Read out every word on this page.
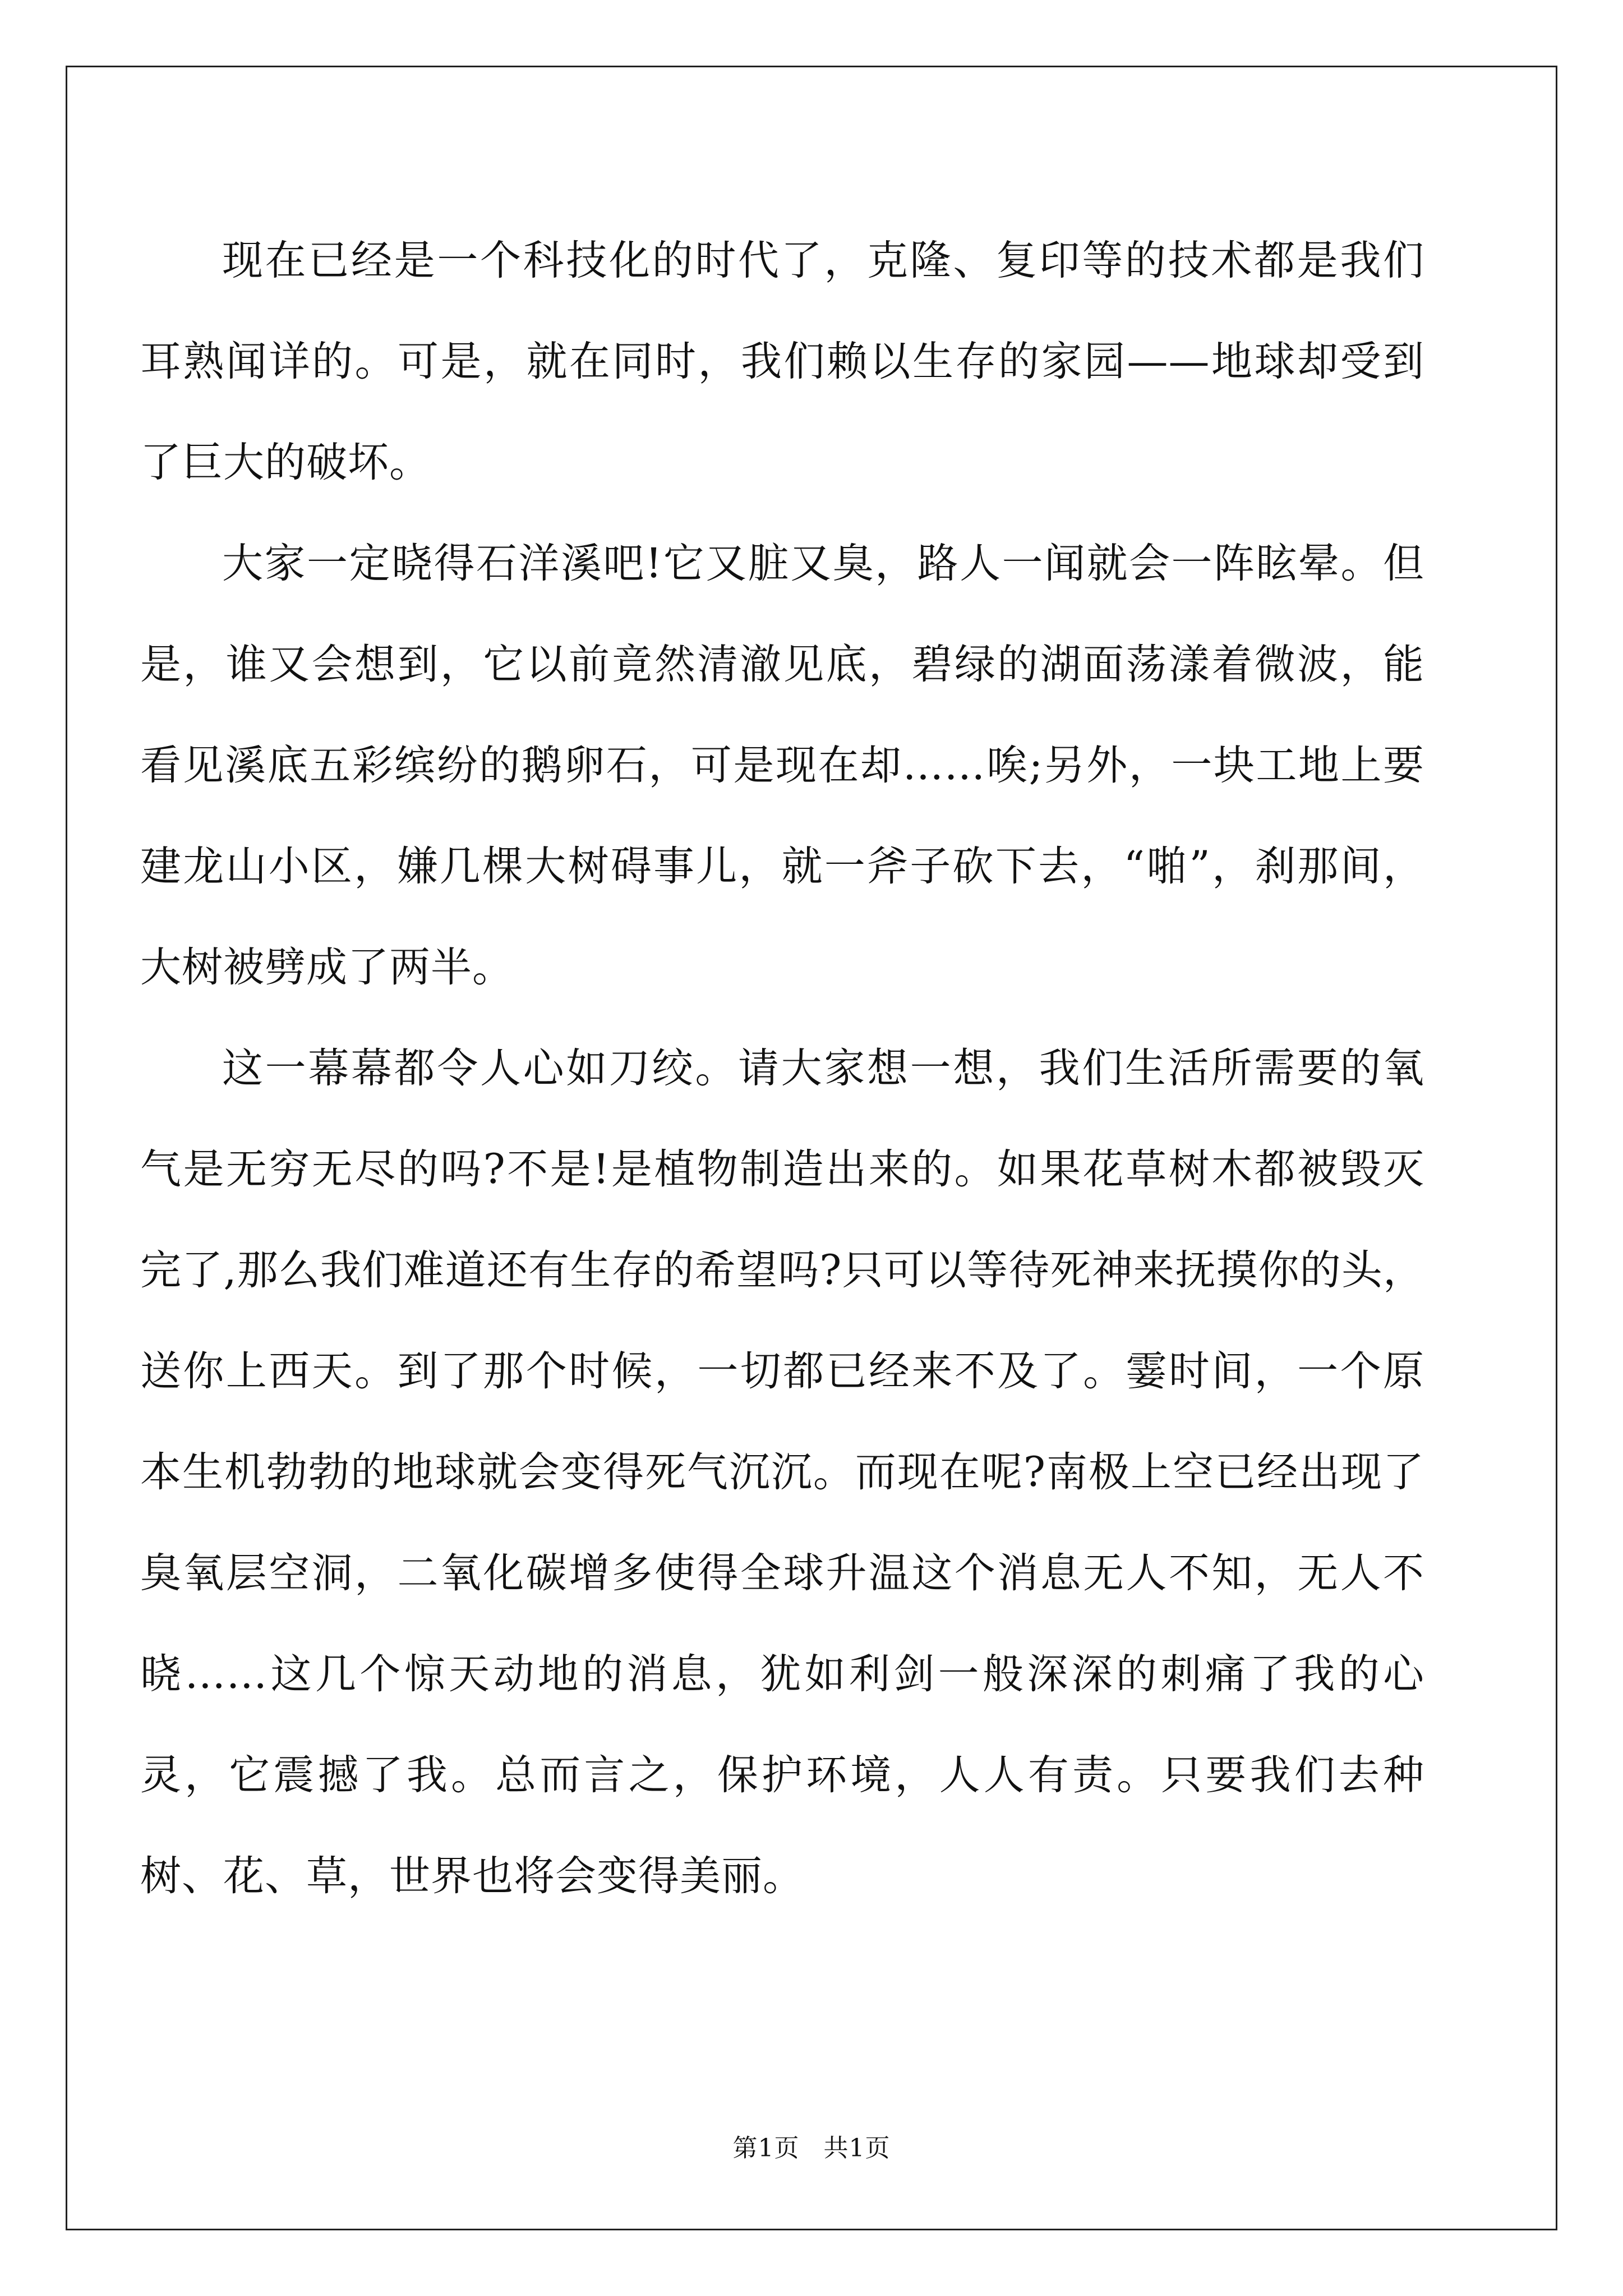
现在已经是一个科技化的时代了，克隆、复印等的技术都是我们耳熟闻详的。可是，就在同时，我们赖以生存的家园——地球却受到了巨大的破坏。

大家一定晓得石洋溪吧!它又脏又臭，路人一闻就会一阵眩晕。但是，谁又会想到，它以前竟然清澈见底，碧绿的湖面荡漾着微波，能看见溪底五彩缤纷的鹅卵石，可是现在却……唉;另外，一块工地上要建龙山小区，嫌几棵大树碍事儿，就一斧子砍下去，“啪”，刹那间，大树被劈成了两半。

这一幕幕都令人心如刀绞。请大家想一想，我们生活所需要的氧气是无穷无尽的吗?不是!是植物制造出来的。如果花草树木都被毁灭完了,那么我们难道还有生存的希望吗?只可以等待死神来抚摸你的头，送你上西天。到了那个时候，一切都已经来不及了。霎时间，一个原本生机勃勃的地球就会变得死气沉沉。而现在呢?南极上空已经出现了臭氧层空洞，二氧化碳增多使得全球升温这个消息无人不知，无人不晓……这几个惊天动地的消息，犹如利剑一般深深的刺痛了我的心灵，它震撼了我。总而言之，保护环境，人人有责。只要我们去种树、花、草，世界也将会变得美丽。

第1页 共1页
